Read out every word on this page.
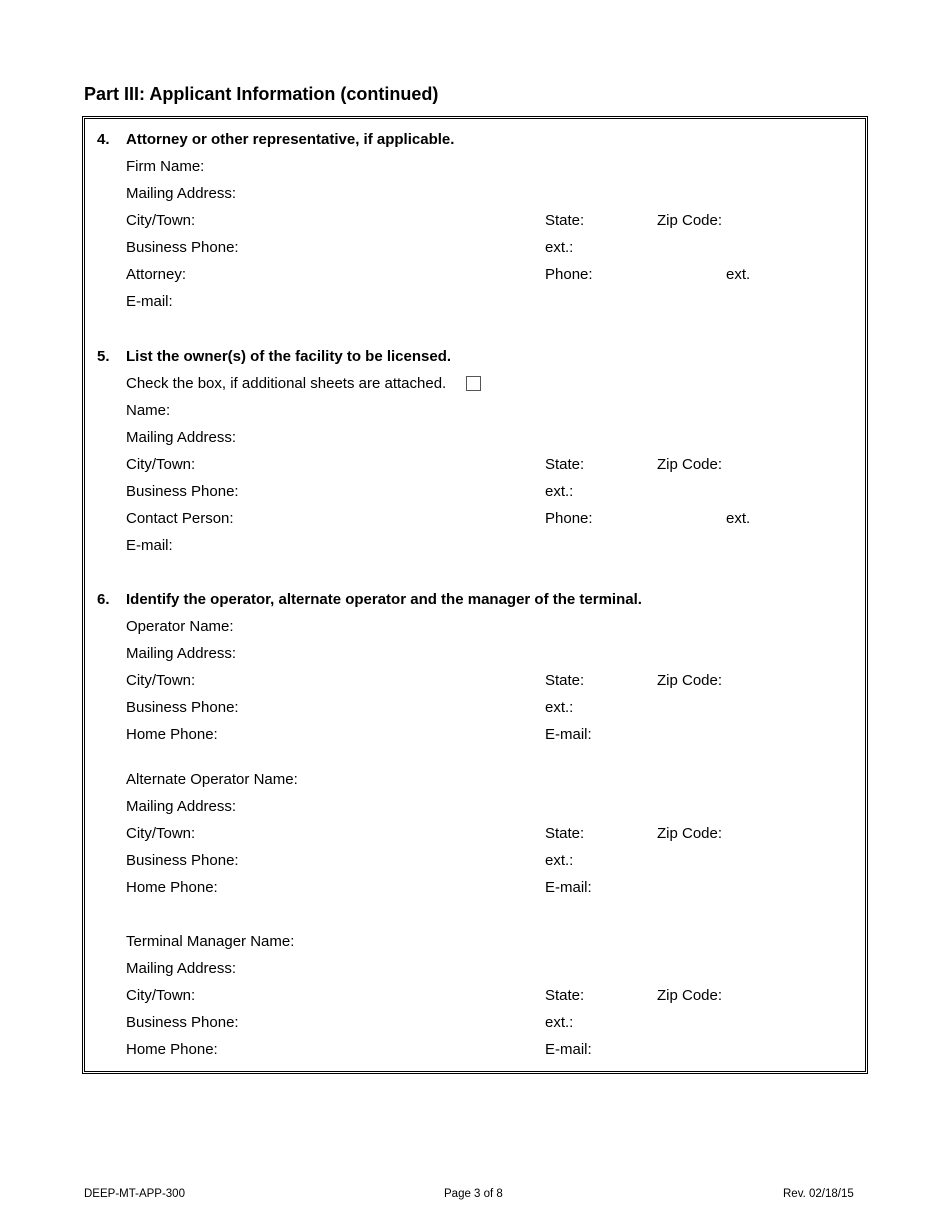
Part III: Applicant Information (continued)
4. Attorney or other representative, if applicable.
Firm Name:
Mailing Address:
City/Town:	State:	Zip Code:
Business Phone:	ext.:
Attorney:	Phone:	ext.
E-mail:
5. List the owner(s) of the facility to be licensed.
Check the box, if additional sheets are attached.
Name:
Mailing Address:
City/Town:	State:	Zip Code:
Business Phone:	ext.:
Contact Person:	Phone:	ext.
E-mail:
6. Identify the operator, alternate operator and the manager of the terminal.
Operator Name:
Mailing Address:
City/Town:	State:	Zip Code:
Business Phone:	ext.:
Home Phone:	E-mail:
Alternate Operator Name:
Mailing Address:
City/Town:	State:	Zip Code:
Business Phone:	ext.:
Home Phone:	E-mail:
Terminal Manager Name:
Mailing Address:
City/Town:	State:	Zip Code:
Business Phone:	ext.:
Home Phone:	E-mail:
DEEP-MT-APP-300	Page 3 of 8	Rev. 02/18/15
